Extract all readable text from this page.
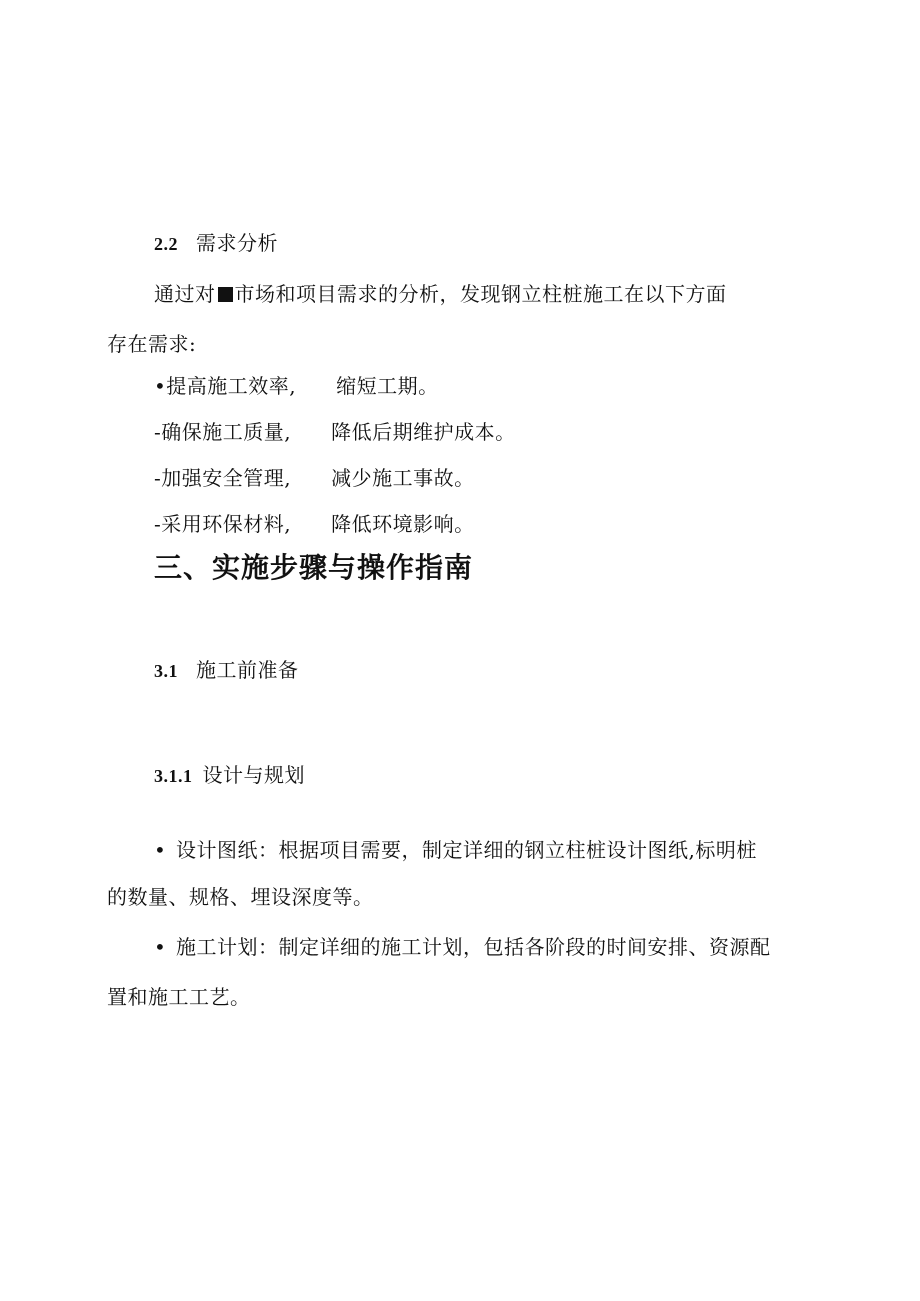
2.2 需求分析
通过对 市场和项目需求的分析，发现钢立柱桩施工在以下方面
存在需求:
•提高施工效率, 缩短工期。
-确保施工质量, 降低后期维护成本。
-加强安全管理, 减少施工事故。
-采用环保材料, 降低环境影响。
三、实施步骤与操作指南
3.1 施工前准备
3.1.1 设计与规划
• 设计图纸：根据项目需要，制定详细的钢立柱桩设计图纸,标明桩
的数量、规格、埋设深度等。
• 施工计划：制定详细的施工计划，包括各阶段的时间安排、资源配
置和施工工艺。
